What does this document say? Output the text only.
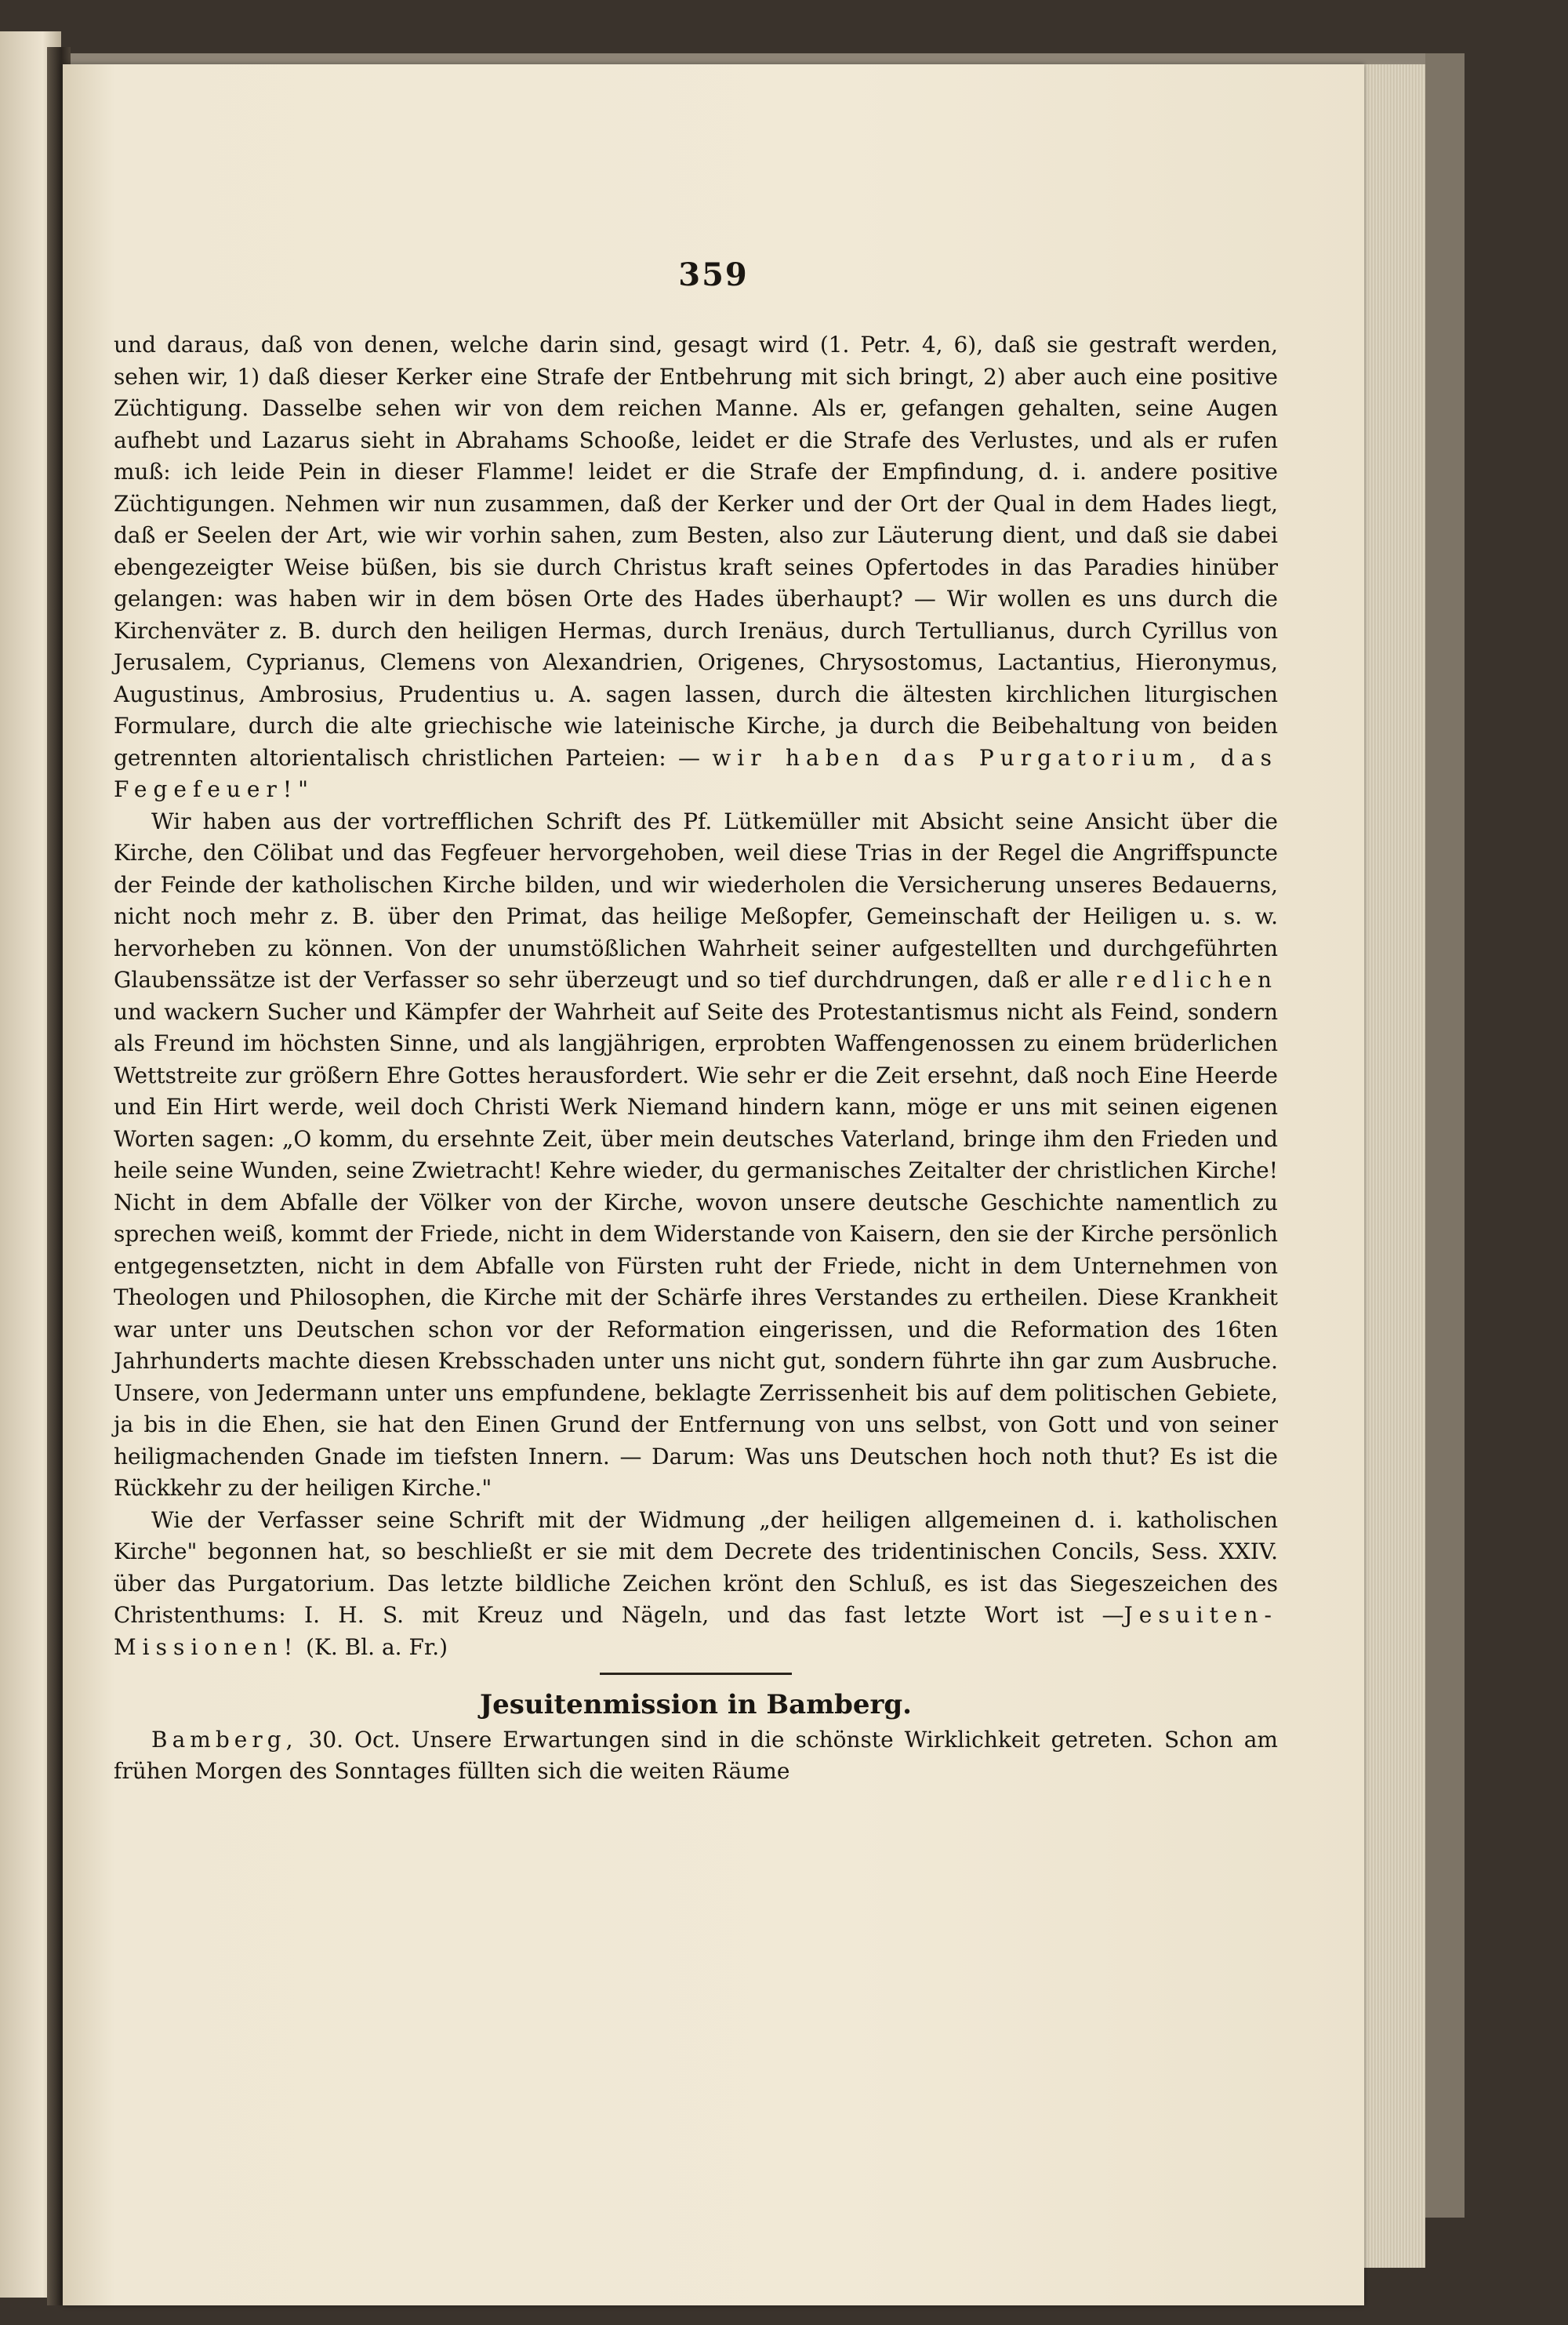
359

und daraus, daß von denen, welche darin sind, gesagt wird (1. Petr. 4, 6), daß sie gestraft werden, sehen wir, 1) daß dieser Kerker eine Strafe der Entbehrung mit sich bringt, 2) aber auch eine positive Züchtigung. Dasselbe sehen wir von dem reichen Manne. Als er, gefangen gehalten, seine Augen aufhebt und Lazarus sieht in Abrahams Schooße, leidet er die Strafe des Verlustes, und als er rufen muß: ich leide Pein in dieser Flamme! leidet er die Strafe der Empfindung, d. i. andere positive Züchtigungen. Nehmen wir nun zusammen, daß der Kerker und der Ort der Qual in dem Hades liegt, daß er Seelen der Art, wie wir vorhin sahen, zum Besten, also zur Läuterung dient, und daß sie dabei ebengezeigter Weise büßen, bis sie durch Christus kraft seines Opfertodes in das Paradies hinüber gelangen: was haben wir in dem bösen Orte des Hades überhaupt? — Wir wollen es uns durch die Kirchenväter z. B. durch den heiligen Hermas, durch Irenäus, durch Tertullianus, durch Cyrillus von Jerusalem, Cyprianus, Clemens von Alexandrien, Origenes, Chrysostomus, Lactantius, Hieronymus, Augustinus, Ambrosius, Prudentius u. A. sagen lassen, durch die ältesten kirchlichen liturgischen Formulare, durch die alte griechische wie lateinische Kirche, ja durch die Beibehaltung von beiden getrennten altorientalisch christlichen Parteien: — wir haben das Purgatorium, das Fegefeuer!"

Wir haben aus der vortrefflichen Schrift des Pf. Lütkemüller mit Absicht seine Ansicht über die Kirche, den Cölibat und das Fegfeuer hervorgehoben, weil diese Trias in der Regel die Angriffspuncte der Feinde der katholischen Kirche bilden, und wir wiederholen die Versicherung unseres Bedauerns, nicht noch mehr z. B. über den Primat, das heilige Meßopfer, Gemeinschaft der Heiligen u. s. w. hervorheben zu können. Von der unumstößlichen Wahrheit seiner aufgestellten und durchgeführten Glaubenssätze ist der Verfasser so sehr überzeugt und so tief durchdrungen, daß er alle redlichen und wackern Sucher und Kämpfer der Wahrheit auf Seite des Protestantismus nicht als Feind, sondern als Freund im höchsten Sinne, und als langjährigen, erprobten Waffengenossen zu einem brüderlichen Wettstreite zur größern Ehre Gottes herausfordert. Wie sehr er die Zeit ersehnt, daß noch Eine Heerde und Ein Hirt werde, weil doch Christi Werk Niemand hindern kann, möge er uns mit seinen eigenen Worten sagen: „O komm, du ersehnte Zeit, über mein deutsches Vaterland, bringe ihm den Frieden und heile seine Wunden, seine Zwietracht! Kehre wieder, du germanisches Zeitalter der christlichen Kirche! Nicht in dem Abfalle der Völker von der Kirche, wovon unsere deutsche Geschichte namentlich zu sprechen weiß, kommt der Friede, nicht in dem Widerstande von Kaisern, den sie der Kirche persönlich entgegensetzten, nicht in dem Abfalle von Fürsten ruht der Friede, nicht in dem Unternehmen von Theologen und Philosophen, die Kirche mit der Schärfe ihres Verstandes zu ertheilen. Diese Krankheit war unter uns Deutschen schon vor der Reformation eingerissen, und die Reformation des 16ten Jahrhunderts machte diesen Krebsschaden unter uns nicht gut, sondern führte ihn gar zum Ausbruche. Unsere, von Jedermann unter uns empfundene, beklagte Zerrissenheit bis auf dem politischen Gebiete, ja bis in die Ehen, sie hat den Einen Grund der Entfernung von uns selbst, von Gott und von seiner heiligmachenden Gnade im tiefsten Innern. — Darum: Was uns Deutschen hoch noth thut? Es ist die Rückkehr zu der heiligen Kirche."

Wie der Verfasser seine Schrift mit der Widmung „der heiligen allgemeinen d. i. katholischen Kirche" begonnen hat, so beschließt er sie mit dem Decrete des tridentinischen Concils, Sess. XXIV. über das Purgatorium. Das letzte bildliche Zeichen krönt den Schluß, es ist das Siegeszeichen des Christenthums: I. H. S. mit Kreuz und Nägeln, und das fast letzte Wort ist —Jesuiten-Missionen! (K. Bl. a. Fr.)

Jesuitenmission in Bamberg.

Bamberg, 30. Oct. Unsere Erwartungen sind in die schönste Wirklichkeit getreten. Schon am frühen Morgen des Sonntages füllten sich die weiten Räume
